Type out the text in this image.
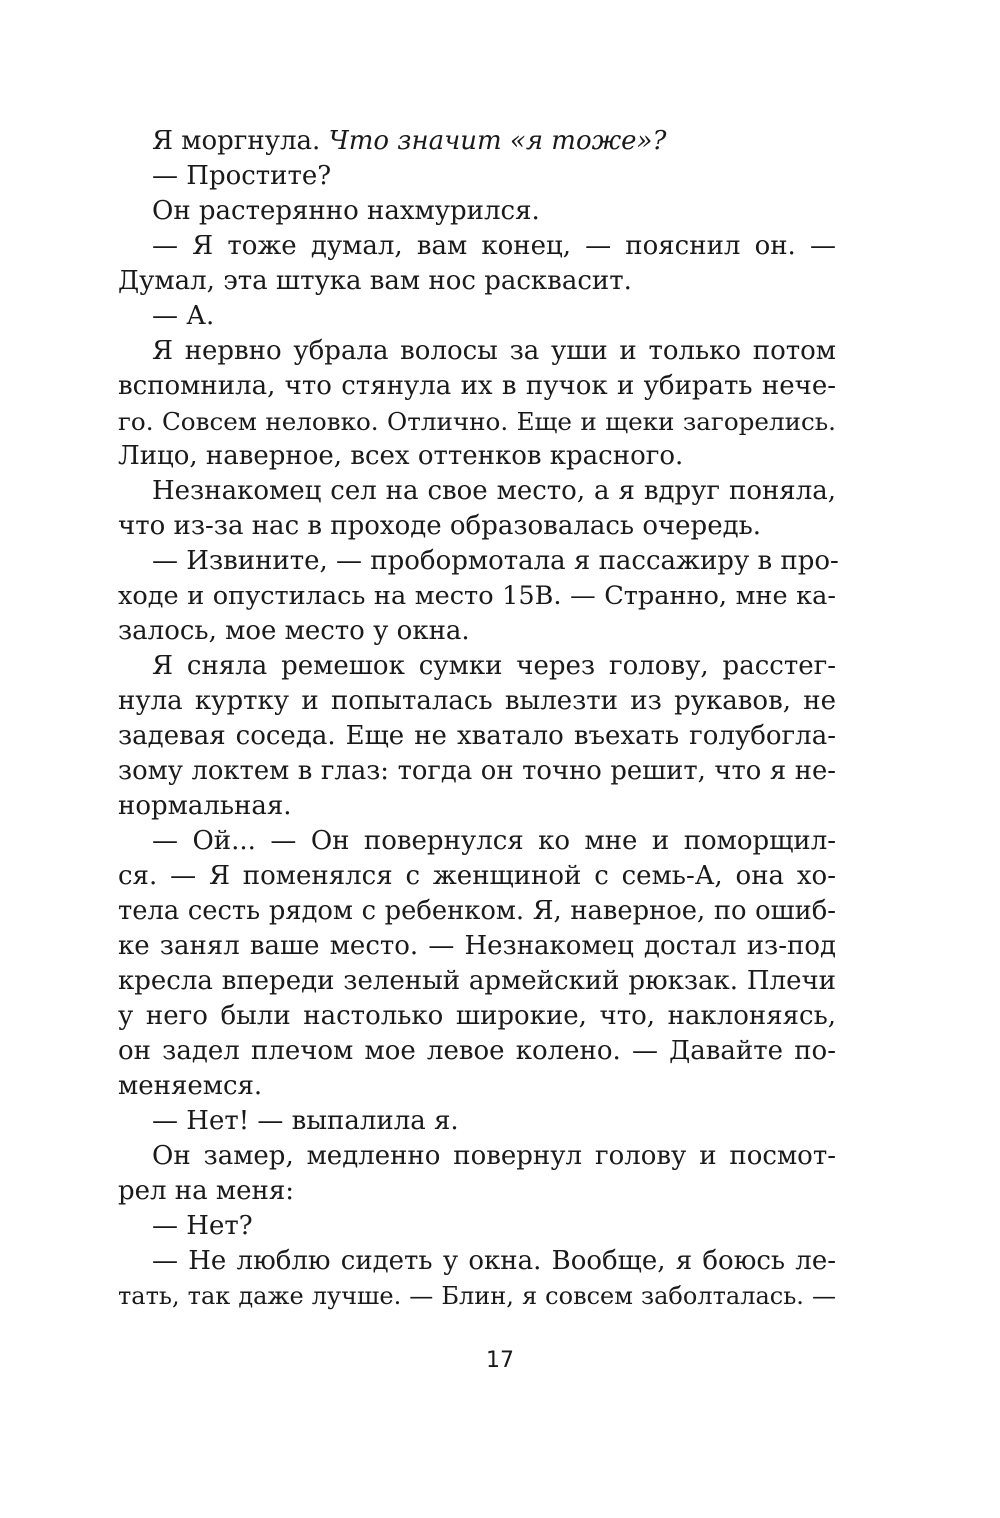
Я моргнула. Что значит «я тоже»?
— Простите?
Он растерянно нахмурился.
— Я тоже думал, вам конец, — пояснил он. —
Думал, эта штука вам нос расквасит.
— А.
Я нервно убрала волосы за уши и только потом
вспомнила, что стянула их в пучок и убирать нече-
го. Совсем неловко. Отлично. Еще и щеки загорелись.
Лицо, наверное, всех оттенков красного.
Незнакомец сел на свое место, а я вдруг поняла,
что из-за нас в проходе образовалась очередь.
— Извините, — пробормотала я пассажиру в про-
ходе и опустилась на место 15B. — Странно, мне ка-
залось, мое место у окна.
Я сняла ремешок сумки через голову, расстег-
нула куртку и попыталась вылезти из рукавов, не
задевая соседа. Еще не хватало въехать голубогла-
зому локтем в глаз: тогда он точно решит, что я не-
нормальная.
— Ой... — Он повернулся ко мне и поморщил-
ся. — Я поменялся с женщиной с семь-А, она хо-
тела сесть рядом с ребенком. Я, наверное, по ошиб-
ке занял ваше место. — Незнакомец достал из-под
кресла впереди зеленый армейский рюкзак. Плечи
у него были настолько широкие, что, наклоняясь,
он задел плечом мое левое колено. — Давайте по-
меняемся.
— Нет! — выпалила я.
Он замер, медленно повернул голову и посмот-
рел на меня:
— Нет?
— Не люблю сидеть у окна. Вообще, я боюсь ле-
тать, так даже лучше. — Блин, я совсем заболталась. —
17
